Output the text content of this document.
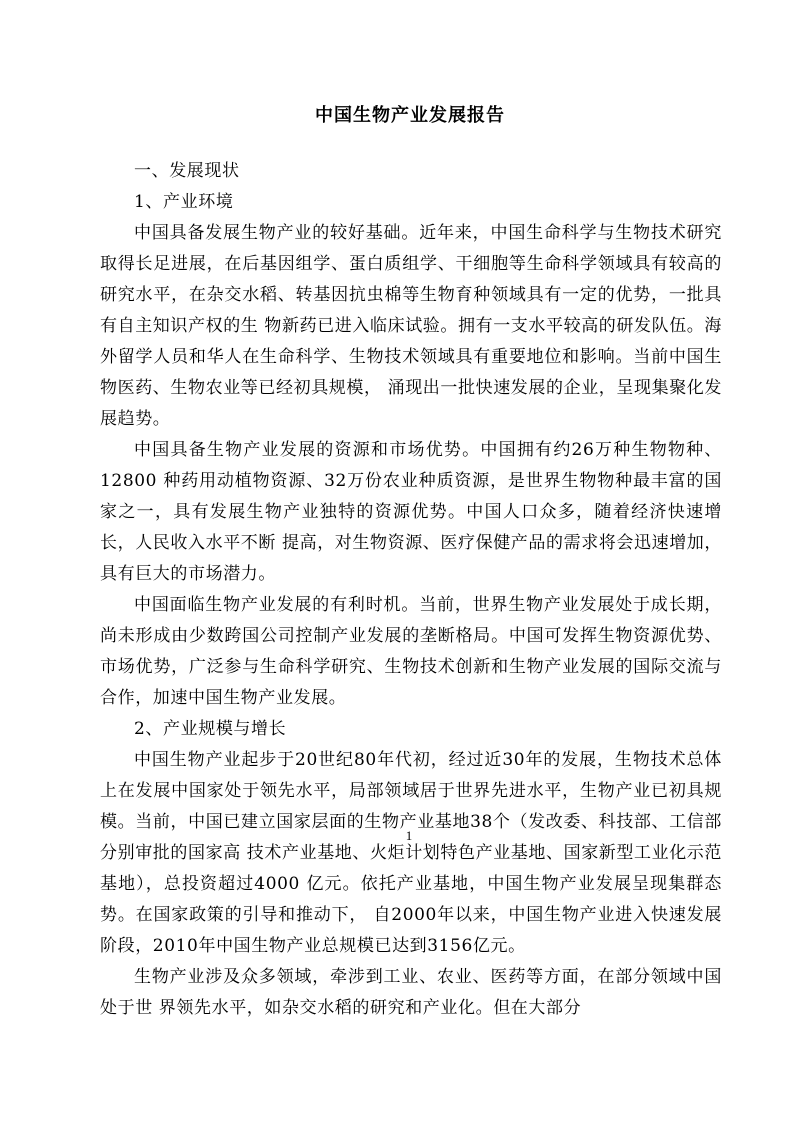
中国生物产业发展报告

一、发展现状

1、产业环境

中国具备发展生物产业的较好基础。近年来，中国生命科学与生物技术研究取得长足进展，在后基因组学、蛋白质组学、干细胞等生命科学领域具有较高的研究水平，在杂交水稻、转基因抗虫棉等生物育种领域具有一定的优势，一批具有自主知识产权的生 物新药已进入临床试验。拥有一支水平较高的研发队伍。海外留学人员和华人在生命科学、生物技术领域具有重要地位和影响。当前中国生物医药、生物农业等已经初具规模， 涌现出一批快速发展的企业，呈现集聚化发展趋势。

中国具备生物产业发展的资源和市场优势。中国拥有约26万种生物物种、12800 种药用动植物资源、32万份农业种质资源，是世界生物物种最丰富的国家之一，具有发展生物产业独特的资源优势。中国人口众多，随着经济快速增长，人民收入水平不断 提高，对生物资源、医疗保健产品的需求将会迅速增加，具有巨大的市场潜力。

中国面临生物产业发展的有利时机。当前，世界生物产业发展处于成长期，尚未形成由少数跨国公司控制产业发展的垄断格局。中国可发挥生物资源优势、市场优势，广泛参与生命科学研究、生物技术创新和生物产业发展的国际交流与合作，加速中国生物产业发展。

2、产业规模与增长

中国生物产业起步于20世纪80年代初，经过近30年的发展，生物技术总体上在发展中国家处于领先水平，局部领域居于世界先进水平，生物产业已初具规模。当前，中国已建立国家层面的生物产业基地38个（发改委、科技部、工信部分别审批的国家高 技术产业基地、火炬计划特色产业基地、国家新型工业化示范基地），总投资超过4000 亿元。依托产业基地，中国生物产业发展呈现集群态势。在国家政策的引导和推动下， 自2000年以来，中国生物产业进入快速发展阶段，2010年中国生物产业总规模已达到3156亿元。

生物产业涉及众多领域，牵涉到工业、农业、医药等方面，在部分领域中国处于世 界领先水平，如杂交水稻的研究和产业化。但在大部分

1
